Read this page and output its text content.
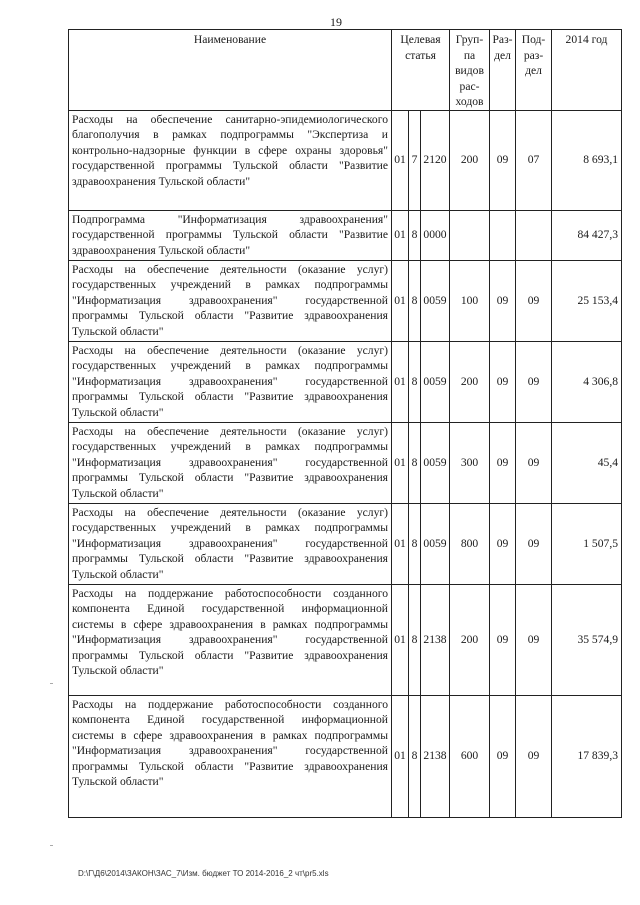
19
Наименование	Целевая статья			Груп-па видов рас-ходов	Раз-дел	Под-раз-дел	2014 год
Расходы на обеспечение санитарно-эпидемиологического благополучия в рамках подпрограммы "Экспертиза и контрольно-надзорные функции в сфере охраны здоровья" государственной программы Тульской области "Развитие здравоохранения Тульской области"	01	7	2120	200	09	07	8 693,1
Подпрограмма "Информатизация здравоохранения" государственной программы Тульской области "Развитие здравоохранения Тульской области"	01	8	0000				84 427,3
Расходы на обеспечение деятельности (оказание услуг) государственных учреждений в рамках подпрограммы "Информатизация здравоохранения" государственной программы Тульской области "Развитие здравоохранения Тульской области"	01	8	0059	100	09	09	25 153,4
Расходы на обеспечение деятельности (оказание услуг) государственных учреждений в рамках подпрограммы "Информатизация здравоохранения" государственной программы Тульской области "Развитие здравоохранения Тульской области"	01	8	0059	200	09	09	4 306,8
Расходы на обеспечение деятельности (оказание услуг) государственных учреждений в рамках подпрограммы "Информатизация здравоохранения" государственной программы Тульской области "Развитие здравоохранения Тульской области"	01	8	0059	300	09	09	45,4
Расходы на обеспечение деятельности (оказание услуг) государственных учреждений в рамках подпрограммы "Информатизация здравоохранения" государственной программы Тульской области "Развитие здравоохранения Тульской области"	01	8	0059	800	09	09	1 507,5
Расходы на поддержание работоспособности созданного компонента Единой государственной информационной системы в сфере здравоохранения в рамках подпрограммы "Информатизация здравоохранения" государственной программы Тульской области "Развитие здравоохранения Тульской области"	01	8	2138	200	09	09	35 574,9
Расходы на поддержание работоспособности созданного компонента Единой государственной информационной системы в сфере здравоохранения в рамках подпрограммы "Информатизация здравоохранения" государственной программы Тульской области "Развитие здравоохранения Тульской области"	01	8	2138	600	09	09	17 839,3
D:\Г\Д6\2014\ЗАКОН\ЗАС_7\Изм. бюджет ТО 2014-2016_2 чт\pr5.xls
